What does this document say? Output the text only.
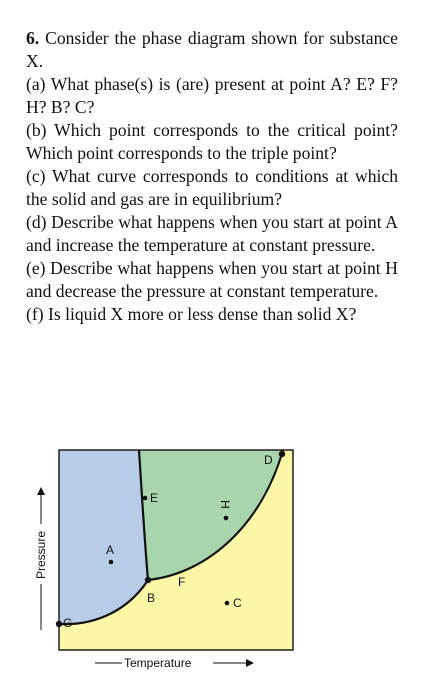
6. Consider the phase diagram shown for substance X.

(a) What phase(s) is (are) present at point A? E? F? H? B? C?

(b) Which point corresponds to the critical point? Which point corresponds to the triple point?

(c) What curve corresponds to conditions at which the solid and gas are in equilibrium?

(d) Describe what happens when you start at point A and increase the temperature at constant pressure.

(e) Describe what happens when you start at point H and decrease the pressure at constant temperature.

(f) Is liquid X more or less dense than solid X?

A
B	C
D
E
F
G
H
Temperature
Pressure
